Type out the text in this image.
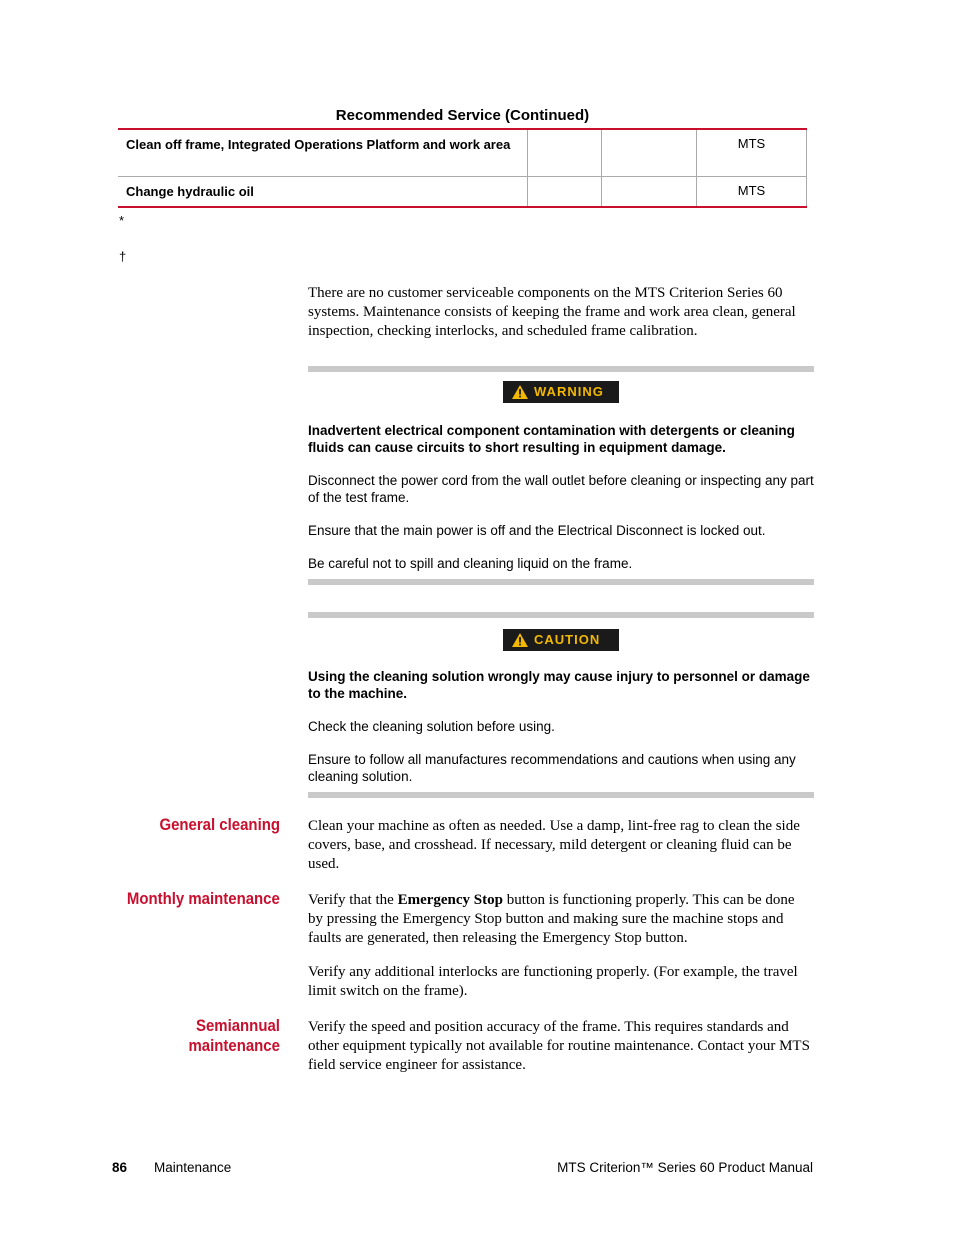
Recommended Service (Continued)
Clean off frame, Integrated Operations Platform and work area			MTS
Change hydraulic oil			MTS
*
†
There are no customer serviceable components on the MTS Criterion Series 60 systems. Maintenance consists of keeping the frame and work area clean, general inspection, checking interlocks, and scheduled frame calibration.
WARNING
Inadvertent electrical component contamination with detergents or cleaning fluids can cause circuits to short resulting in equipment damage.
Disconnect the power cord from the wall outlet before cleaning or inspecting any part of the test frame.
Ensure that the main power is off and the Electrical Disconnect is locked out.
Be careful not to spill and cleaning liquid on the frame.
CAUTION
Using the cleaning solution wrongly may cause injury to personnel or damage to the machine.
Check the cleaning solution before using.
Ensure to follow all manufactures recommendations and cautions when using any cleaning solution.
General cleaning Clean your machine as often as needed. Use a damp, lint-free rag to clean the side covers, base, and crosshead. If necessary, mild detergent or cleaning fluid can be used.
Monthly maintenance Verify that the Emergency Stop button is functioning properly. This can be done by pressing the Emergency Stop button and making sure the machine stops and faults are generated, then releasing the Emergency Stop button.
Verify any additional interlocks are functioning properly. (For example, the travel limit switch on the frame).
Semiannual
maintenance
Verify the speed and position accuracy of the frame. This requires standards and other equipment typically not available for routine maintenance. Contact your MTS field service engineer for assistance.
86 Maintenance	MTS Criterion™ Series 60 Product Manual
